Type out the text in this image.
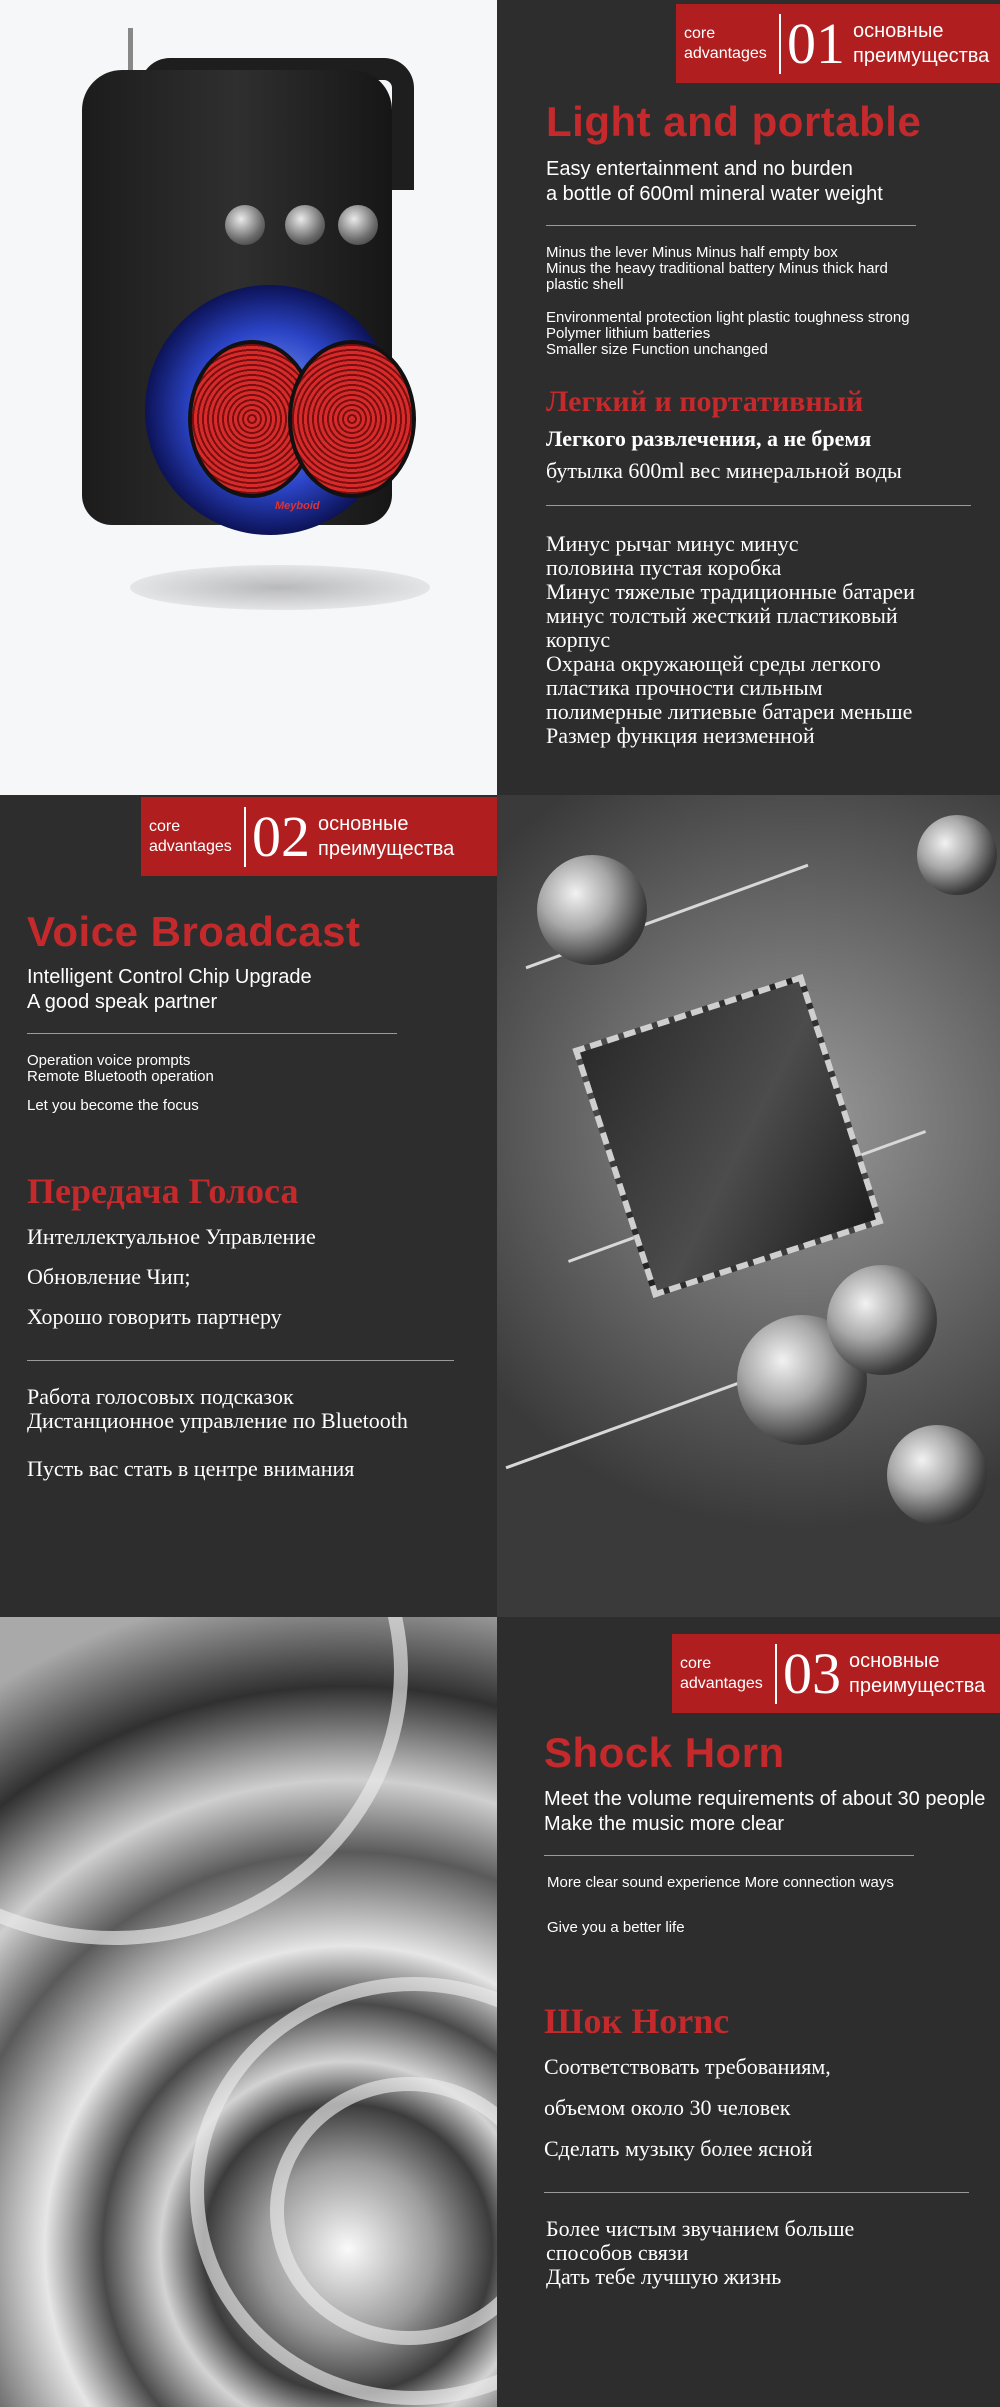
Meyboid
core
advantages 01 основные
преимущества
Light and portable
Easy entertainment and no burden
a bottle of 600ml mineral water weight
Minus the lever Minus Minus half empty box
Minus the heavy traditional battery Minus thick hard
plastic shell
Environmental protection light plastic toughness strong
Polymer lithium batteries
Smaller size Function unchanged
Легкий и портативный
Легкого развлечения, а не бремя
бутылка 600ml вес минеральной воды
Минус рычаг минус минус
половина пустая коробка
Минус тяжелые традиционные батареи
минус толстый жесткий пластиковый
корпус
Охрана окружающей среды легкого
пластика прочности сильным
полимерные литиевые батареи меньше
Размер функция неизменной
core
advantages 02 основные
преимущества
Voice Broadcast
Intelligent Control Chip Upgrade
A good speak partner
Operation voice prompts
Remote Bluetooth operation
Let you become the focus
Передача Голоса
Интеллектуальное Управление
Обновление Чип;
Хорошо говорить партнеру
Работа голосовых подсказок
Дистанционное управление по Bluetooth
Пусть вас стать в центре внимания
core
advantages 03 основные
преимущества
Shock Horn
Meet the volume requirements of about 30 people
Make the music more clear
More clear sound experience More connection ways
Give you a better life
Шок Hornс
Соответствовать требованиям,
объемом около 30 человек
Сделать музыку более ясной
Более чистым звучанием больше
способов связи
Дать тебе лучшую жизнь
